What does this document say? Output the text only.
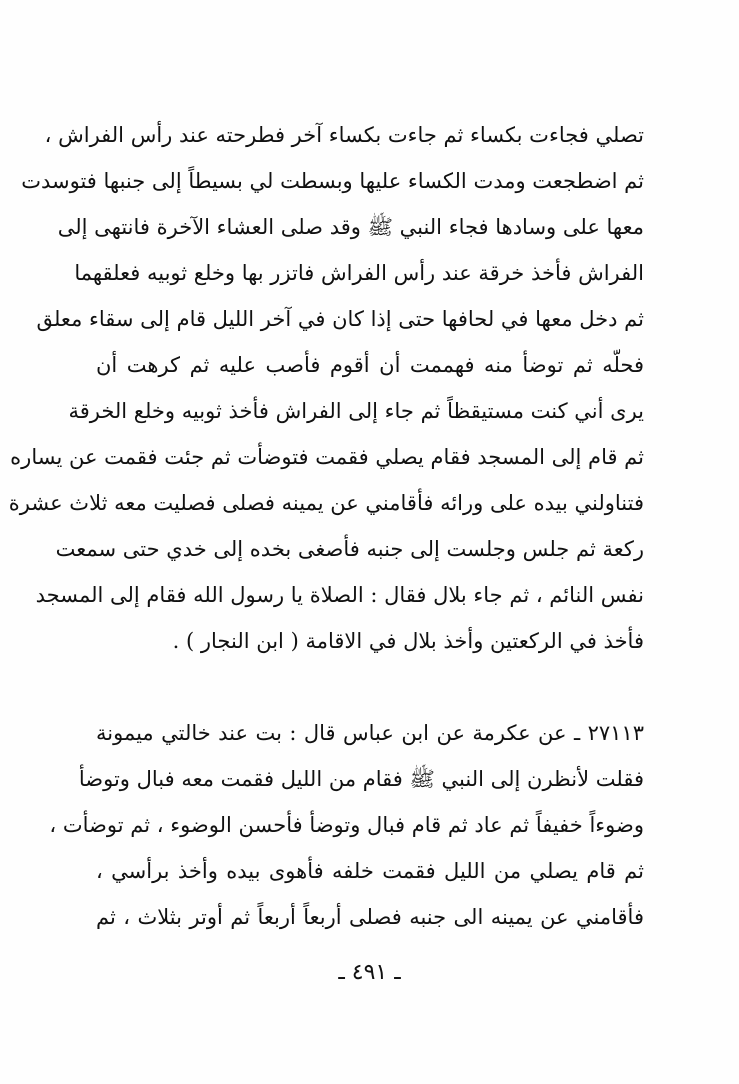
تصلي فجاءت بكساء ثم جاءت بكساء آخر فطرحته عند رأس الفراش ،
ثم اضطجعت ومدت الكساء عليها وبسطت لي بسيطاً إلى جنبها فتوسدت
معها على وسادها فجاء النبي ﷺ وقد صلى العشاء الآخرة فانتهى إلى
الفراش فأخذ خرقة عند رأس الفراش فاتزر بها وخلع ثوبيه فعلقهما
ثم دخل معها في لحافها حتى إذا كان في آخر الليل قام إلى سقاء معلق
فحلّه ثم توضأ منه فهممت أن أقوم فأصب عليه ثم كرهت أن
يرى أني كنت مستيقظاً ثم جاء إلى الفراش فأخذ ثوبيه وخلع الخرقة
ثم قام إلى المسجد فقام يصلي فقمت فتوضأت ثم جئت فقمت عن يساره
فتناولني بيده على ورائه فأقامني عن يمينه فصلى فصليت معه ثلاث عشرة
ركعة ثم جلس وجلست إلى جنبه فأصغى بخده إلى خدي حتى سمعت
نفس النائم ، ثم جاء بلال فقال : الصلاة يا رسول الله فقام إلى المسجد
فأخذ في الركعتين وأخذ بلال في الاقامة ( ابن النجار ) .
٢٧١١٣ ـ عن عكرمة عن ابن عباس قال : بت عند خالتي ميمونة
فقلت لأنظرن إلى النبي ﷺ فقام من الليل فقمت معه فبال وتوضأ
وضوءاً خفيفاً ثم عاد ثم قام فبال وتوضأ فأحسن الوضوء ، ثم توضأت ،
ثم قام يصلي من الليل فقمت خلفه فأهوى بيده وأخذ برأسي ،
فأقامني عن يمينه الى جنبه فصلى أربعاً أربعاً ثم أوتر بثلاث ، ثم
ـ ٤٩١ ـ
